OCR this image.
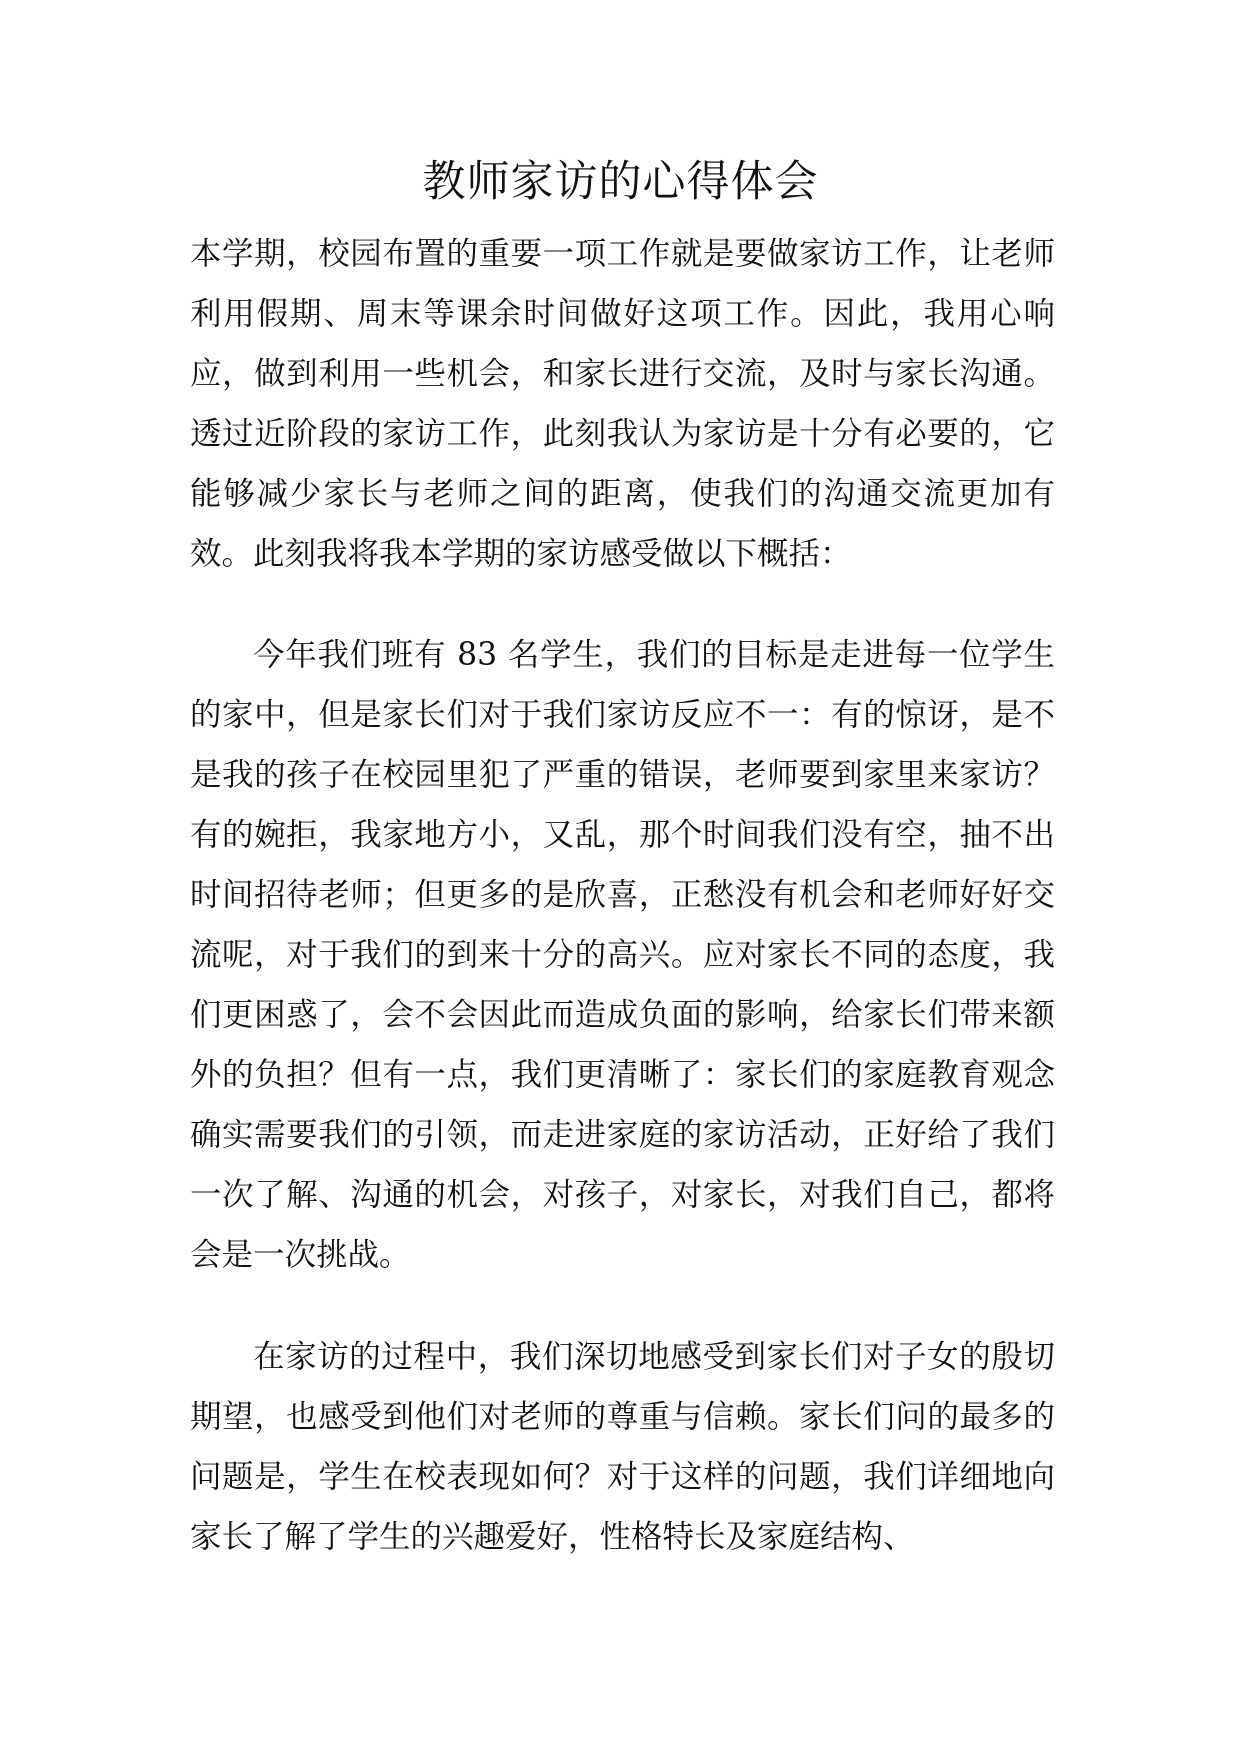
教师家访的心得体会

本学期，校园布置的重要一项工作就是要做家访工作，让老师利用假期、周末等课余时间做好这项工作。因此，我用心响应，做到利用一些机会，和家长进行交流，及时与家长沟通。透过近阶段的家访工作，此刻我认为家访是十分有必要的，它能够减少家长与老师之间的距离，使我们的沟通交流更加有效。此刻我将我本学期的家访感受做以下概括：

今年我们班有 83 名学生，我们的目标是走进每一位学生的家中，但是家长们对于我们家访反应不一：有的惊讶，是不是我的孩子在校园里犯了严重的错误，老师要到家里来家访？有的婉拒，我家地方小，又乱，那个时间我们没有空，抽不出时间招待老师；但更多的是欣喜，正愁没有机会和老师好好交流呢，对于我们的到来十分的高兴。应对家长不同的态度，我们更困惑了，会不会因此而造成负面的影响，给家长们带来额外的负担？但有一点，我们更清晰了：家长们的家庭教育观念确实需要我们的引领，而走进家庭的家访活动，正好给了我们一次了解、沟通的机会，对孩子，对家长，对我们自己，都将会是一次挑战。

在家访的过程中，我们深切地感受到家长们对子女的殷切期望，也感受到他们对老师的尊重与信赖。家长们问的最多的问题是，学生在校表现如何？对于这样的问题，我们详细地向家长了解了学生的兴趣爱好，性格特长及家庭结构、
